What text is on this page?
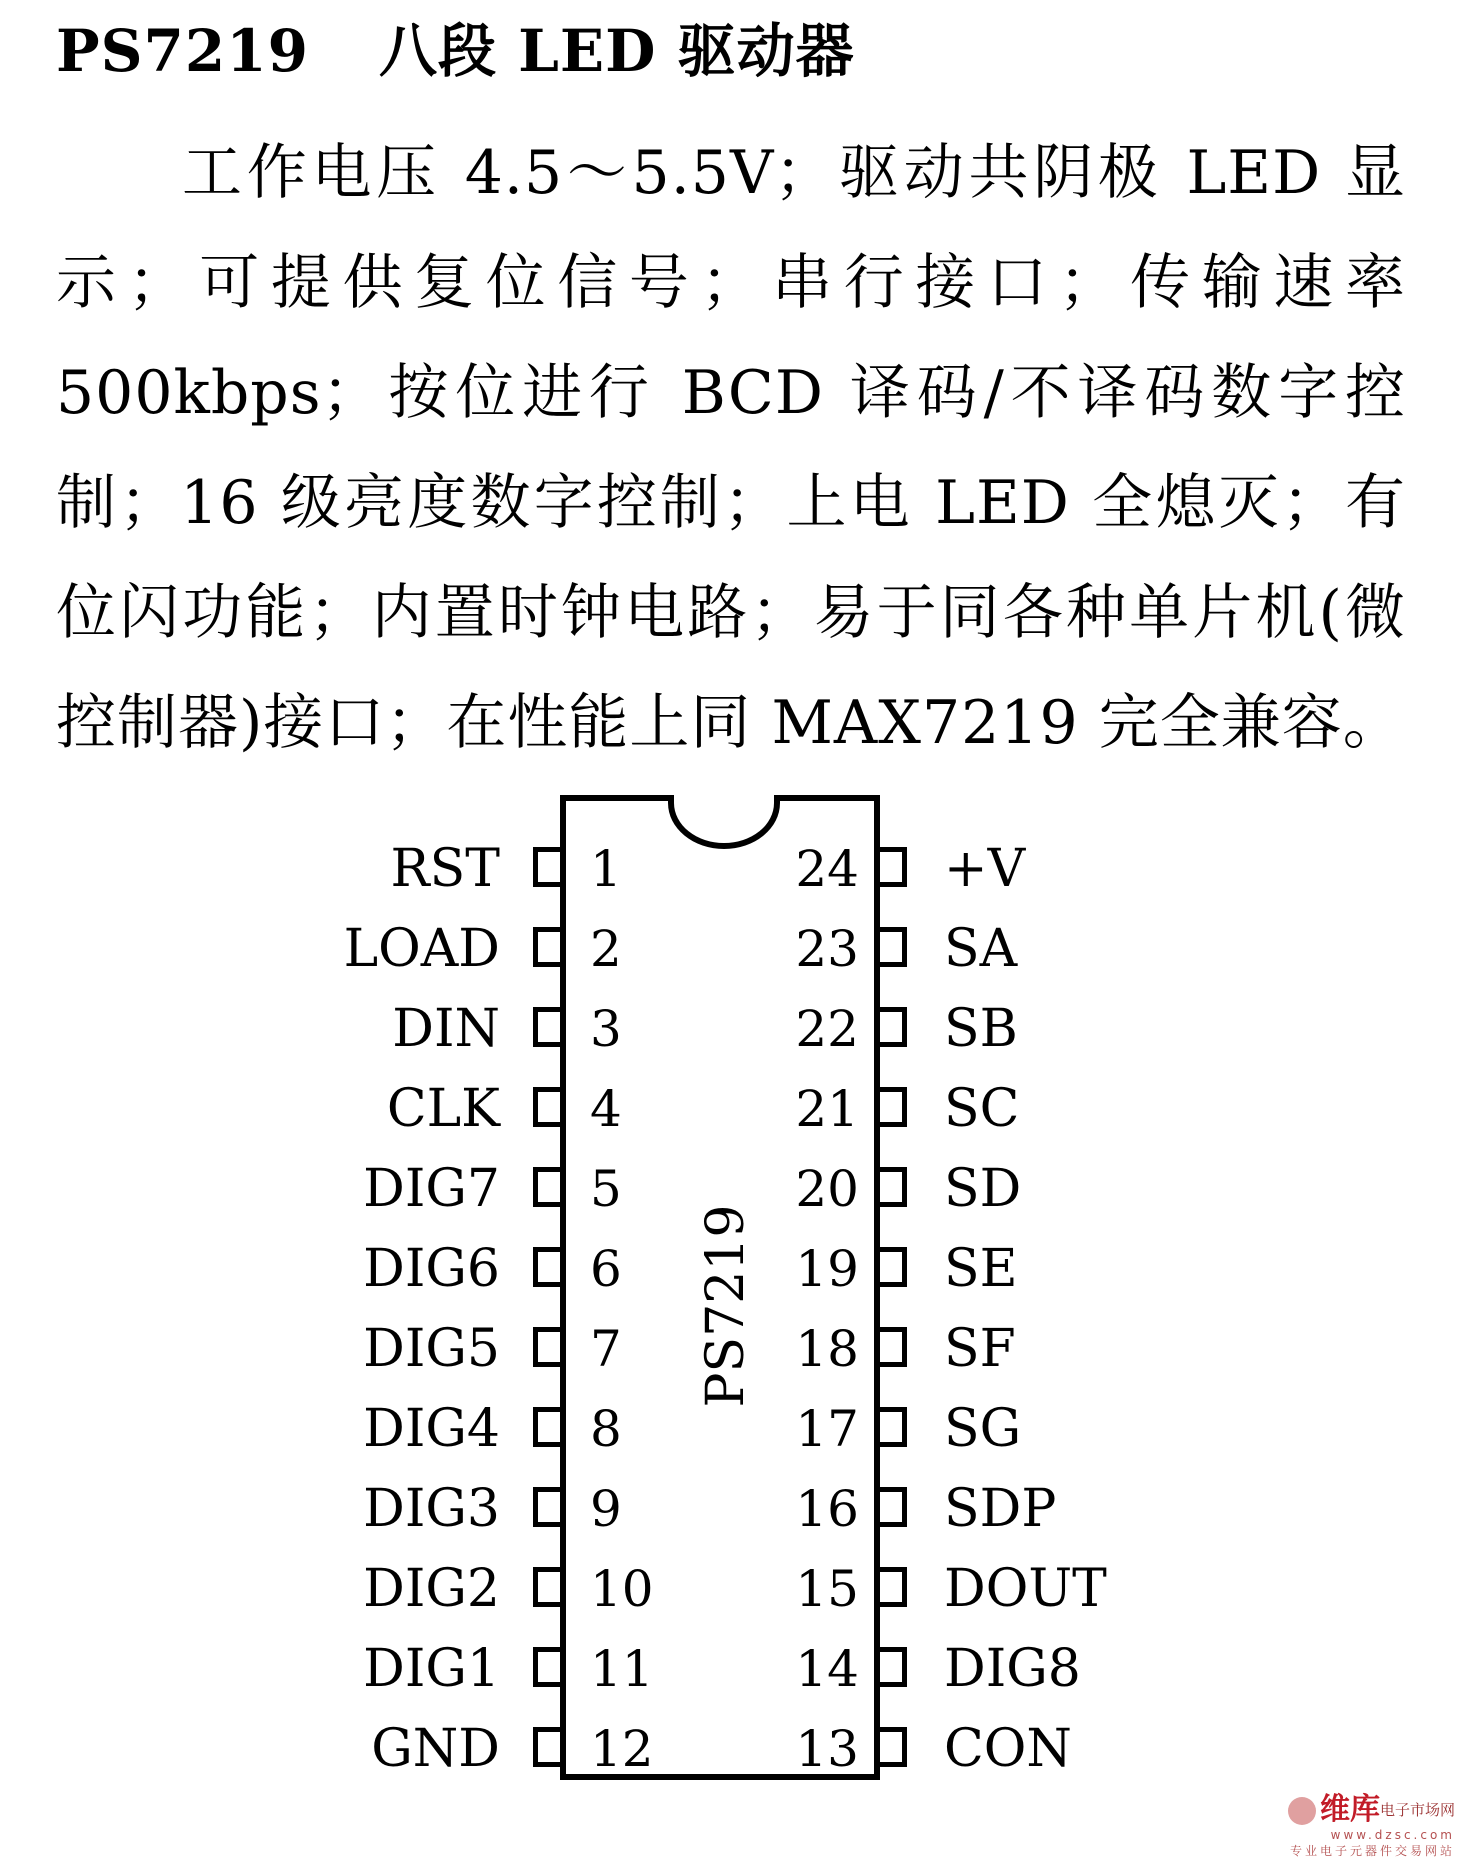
PS7219 八段 LED 驱动器
工作电压 4.5～5.5V；驱动共阴极 LED 显示；可提供复位信号；串行接口；传输速率 500kbps；按位进行 BCD 译码/不译码数字控制；16 级亮度数字控制；上电 LED 全熄灭；有位闪功能；内置时钟电路；易于同各种单片机(微控制器)接口；在性能上同 MAX7219 完全兼容。
PS7219
RST 1
LOAD 2
DIN 3
CLK 4
DIG7 5
DIG6 6
DIG5 7
DIG4 8
DIG3 9
DIG2 10
DIG1 11
GND 12
+V
24
SA
23
SB
22
SC
21
SD
20
SE
19
SF
18
SG
17
SDP
16
DOUT
15
DIG8
14
CON
13
维库$^{电子市场网}$
www.dzsc.com
专业电子元器件交易网站
